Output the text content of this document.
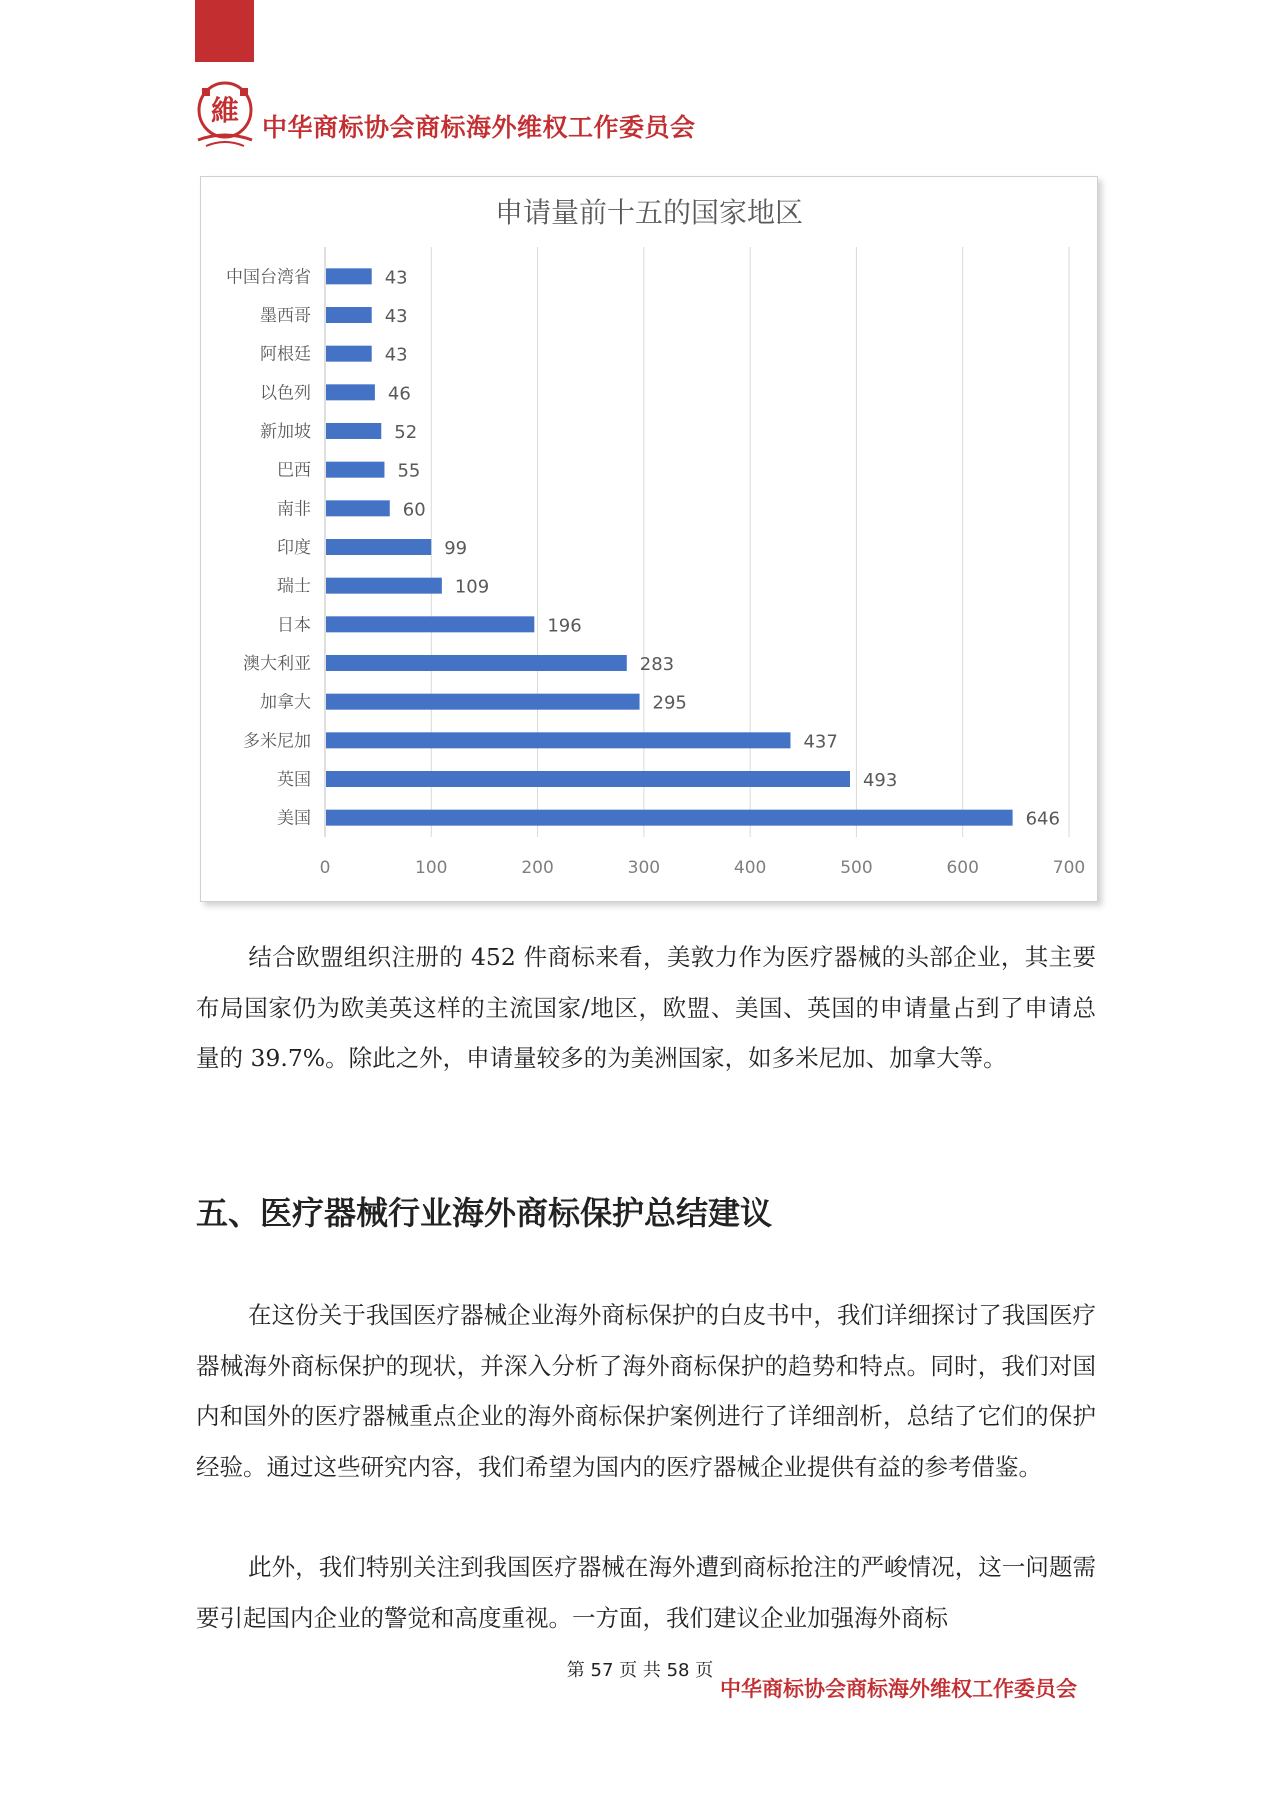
維
中华商标协会商标海外维权工作委员会
申请量前十五的国家地区
0	100	200	300	400	500	600	700
中国台湾省	43
墨西哥	43
阿根廷	43
以色列	46
新加坡	52
巴西	55
南非	60
印度	99
瑞士	109
日本	196
澳大利亚	283
加拿大	295
多米尼加	437
英国	493
美国	646

结合欧盟组织注册的 452 件商标来看，美敦力作为医疗器械的头部企业，其主要布局国家仍为欧美英这样的主流国家/地区，欧盟、美国、英国的申请量占到了申请总量的 39.7%。除此之外，申请量较多的为美洲国家，如多米尼加、加拿大等。

五、医疗器械行业海外商标保护总结建议

在这份关于我国医疗器械企业海外商标保护的白皮书中，我们详细探讨了我国医疗器械海外商标保护的现状，并深入分析了海外商标保护的趋势和特点。同时，我们对国内和国外的医疗器械重点企业的海外商标保护案例进行了详细剖析，总结了它们的保护经验。通过这些研究内容，我们希望为国内的医疗器械企业提供有益的参考借鉴。

此外，我们特别关注到我国医疗器械在海外遭到商标抢注的严峻情况，这一问题需要引起国内企业的警觉和高度重视。一方面，我们建议企业加强海外商标

第 57 页 共 58 页
中华商标协会商标海外维权工作委员会
